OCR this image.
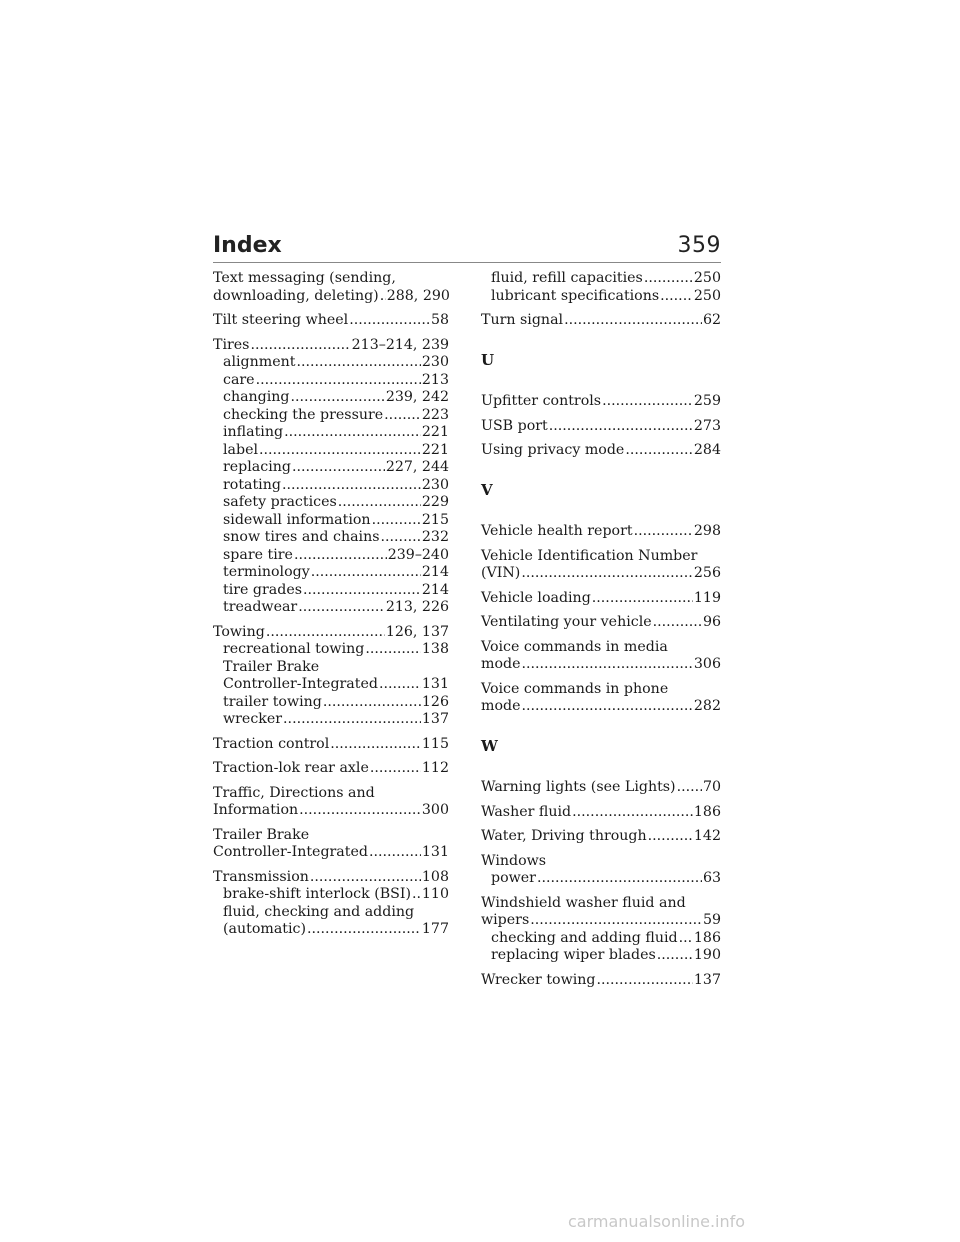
Index	359
Text messaging (sending,
downloading, deleting) ..... 288, 290
Tilt steering wheel .....	58
Tires .....	213–214, 239
alignment .....	230
care .....	213
changing .....	239, 242
checking the pressure .....	223
inflating .....	221
label .....	221
replacing .....	227, 244
rotating .....	230
safety practices .....	229
sidewall information .....	215
snow tires and chains .....	232
spare tire .....	239–240
terminology .....	214
tire grades .....	214
treadwear .....	213, 226
Towing .....	126, 137
recreational towing .....	138
Trailer Brake
Controller-Integrated .....	131
trailer towing .....	126
wrecker .....	137
Traction control .....	115
Traction-lok rear axle .....	112
Traffic, Directions and
Information .....	300
Trailer Brake
Controller-Integrated .....	131
Transmission .....	108
brake-shift interlock (BSI) ..... 110
fluid, checking and adding
(automatic) .....	177
fluid, refill capacities .....	250
lubricant specifications ..... 250
Turn signal .....	62
U
Upfitter controls .....	259
USB port .....	273
Using privacy mode .....	284
V
Vehicle health report .....	298
Vehicle Identification Number
(VIN) .....	256
Vehicle loading .....	119
Ventilating your vehicle .....	96
Voice commands in media
mode .....	306
Voice commands in phone
mode .....	282
W
Warning lights (see Lights) ..... 70
Washer fluid .....	186
Water, Driving through .....	142
Windows
power .....	63
Windshield washer fluid and
wipers .....	59
checking and adding fluid ..... 186
replacing wiper blades .....	190
Wrecker towing .....	137
carmanualsonline.info
